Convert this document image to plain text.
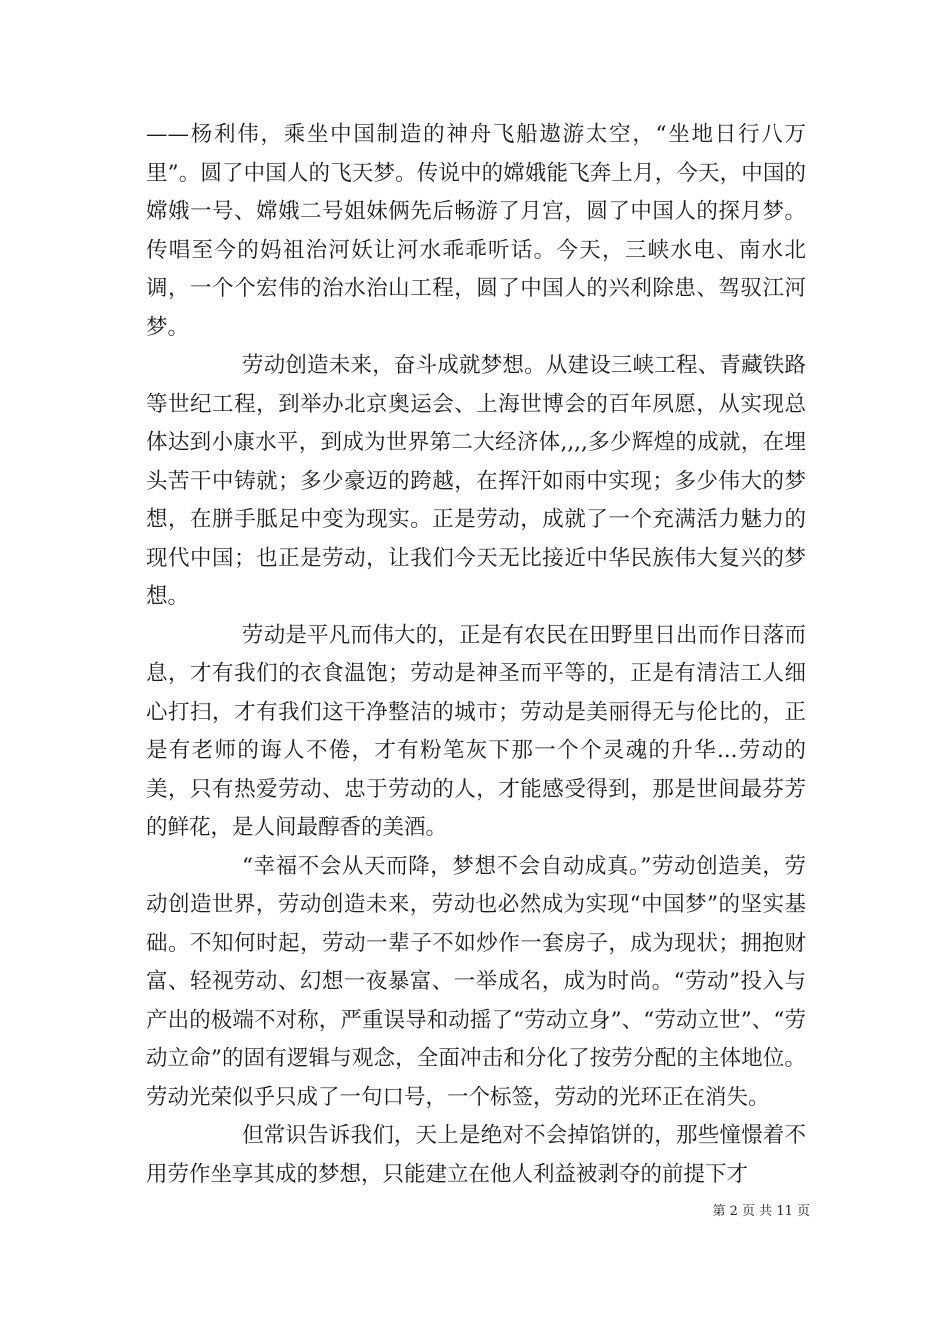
——杨利伟，乘坐中国制造的神舟飞船遨游太空，“坐地日行八万里”。圆了中国人的飞天梦。传说中的嫦娥能飞奔上月，今天，中国的嫦娥一号、嫦娥二号姐妹俩先后畅游了月宫，圆了中国人的探月梦。传唱至今的妈祖治河妖让河水乖乖听话。今天，三峡水电、南水北调，一个个宏伟的治水治山工程，圆了中国人的兴利除患、驾驭江河梦。

劳动创造未来，奋斗成就梦想。从建设三峡工程、青藏铁路等世纪工程，到举办北京奥运会、上海世博会的百年夙愿，从实现总体达到小康水平，到成为世界第二大经济体,,,,多少辉煌的成就，在埋头苦干中铸就；多少豪迈的跨越，在挥汗如雨中实现；多少伟大的梦想，在胼手胝足中变为现实。正是劳动，成就了一个充满活力魅力的现代中国；也正是劳动，让我们今天无比接近中华民族伟大复兴的梦想。

劳动是平凡而伟大的，正是有农民在田野里日出而作日落而息，才有我们的衣食温饱；劳动是神圣而平等的，正是有清洁工人细心打扫，才有我们这干净整洁的城市；劳动是美丽得无与伦比的，正是有老师的诲人不倦，才有粉笔灰下那一个个灵魂的升华...劳动的美，只有热爱劳动、忠于劳动的人，才能感受得到，那是世间最芬芳的鲜花，是人间最醇香的美酒。

“幸福不会从天而降，梦想不会自动成真。”劳动创造美，劳动创造世界，劳动创造未来，劳动也必然成为实现“中国梦”的坚实基础。不知何时起，劳动一辈子不如炒作一套房子，成为现状；拥抱财富、轻视劳动、幻想一夜暴富、一举成名，成为时尚。“劳动”投入与产出的极端不对称，严重误导和动摇了“劳动立身”、“劳动立世”、“劳动立命”的固有逻辑与观念，全面冲击和分化了按劳分配的主体地位。劳动光荣似乎只成了一句口号，一个标签，劳动的光环正在消失。

但常识告诉我们，天上是绝对不会掉馅饼的，那些憧憬着不用劳作坐享其成的梦想，只能建立在他人利益被剥夺的前提下才

第 2 页 共 11 页
